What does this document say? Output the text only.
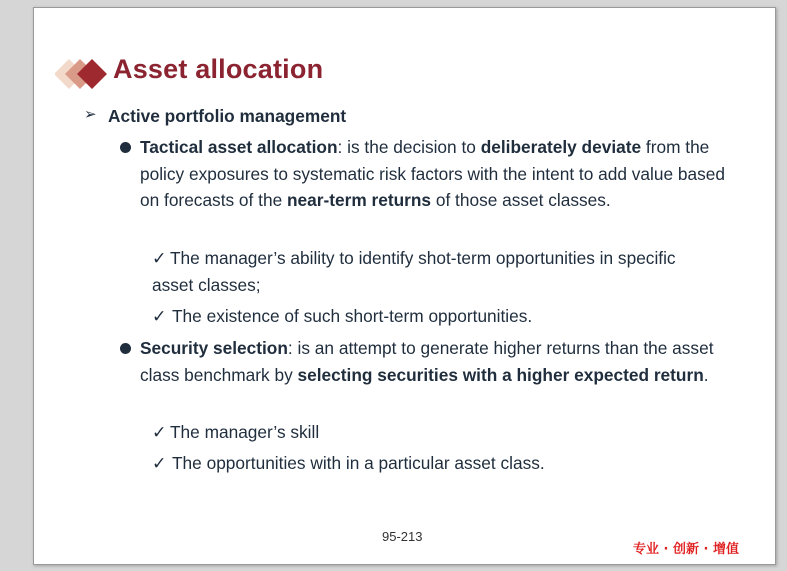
Asset allocation
➢ Active portfolio management
Tactical asset allocation: is the decision to deliberately deviate from the policy exposures to systematic risk factors with the intent to add value based on forecasts of the near-term returns of those asset classes.
✓ The manager’s ability to identify shot-term opportunities in specific
asset classes;
✓ The existence of such short-term opportunities.
Security selection: is an attempt to generate higher returns than the asset class benchmark by selecting securities with a higher expected return.
✓ The manager’s skill
✓ The opportunities with in a particular asset class.
95-213
专业 · 创新 · 增值
